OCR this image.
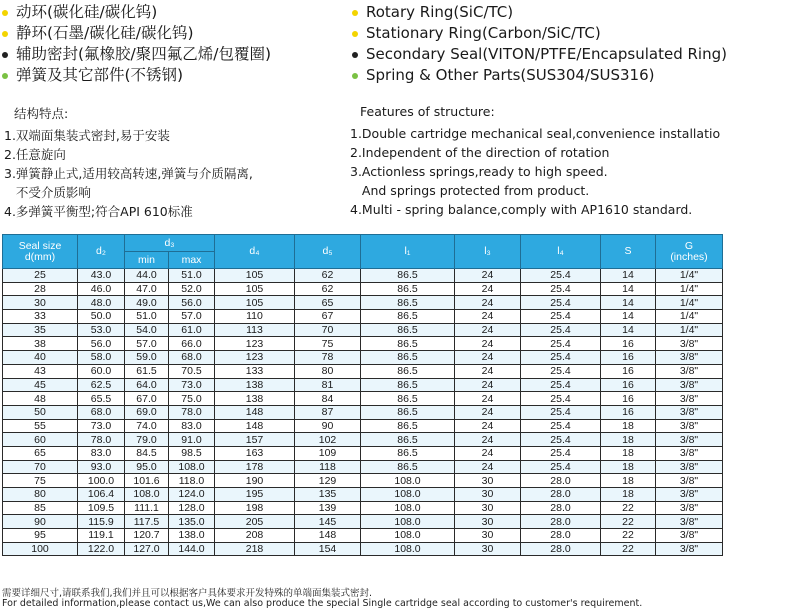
动环(碳化硅/碳化钨)
静环(石墨/碳化硅/碳化钨)
辅助密封(氟橡胶/聚四氟乙烯/包覆圈)
弹簧及其它部件(不锈钢)
Rotary Ring(SiC/TC)
Stationary Ring(Carbon/SiC/TC)
Secondary Seal(VITON/PTFE/Encapsulated Ring)
Spring & Other Parts(SUS304/SUS316)
结构特点:
1.双端面集装式密封,易于安装
2.任意旋向
3.弹簧静止式,适用较高转速,弹簧与介质隔离,
不受介质影响
4.多弹簧平衡型;符合API 610标准
Features of structure:
1.Double cartridge mechanical seal,convenience installatio
2.Independent of the direction of rotation
3.Actionless springs,ready to high speed.
And springs protected from product.
4.Multi - spring balance,comply with AP1610 standard.
Seal size
d(mm)	d₂	d₃		d₄	d₅	l₁	l₃	l₄	S	G
(inches)
		min	max							
25	43.0	44.0	51.0	105	62	86.5	24	25.4	14	1/4"
28	46.0	47.0	52.0	105	62	86.5	24	25.4	14	1/4"
30	48.0	49.0	56.0	105	65	86.5	24	25.4	14	1/4"
33	50.0	51.0	57.0	110	67	86.5	24	25.4	14	1/4"
35	53.0	54.0	61.0	113	70	86.5	24	25.4	14	1/4"
38	56.0	57.0	66.0	123	75	86.5	24	25.4	16	3/8"
40	58.0	59.0	68.0	123	78	86.5	24	25.4	16	3/8"
43	60.0	61.5	70.5	133	80	86.5	24	25.4	16	3/8"
45	62.5	64.0	73.0	138	81	86.5	24	25.4	16	3/8"
48	65.5	67.0	75.0	138	84	86.5	24	25.4	16	3/8"
50	68.0	69.0	78.0	148	87	86.5	24	25.4	16	3/8"
55	73.0	74.0	83.0	148	90	86.5	24	25.4	18	3/8"
60	78.0	79.0	91.0	157	102	86.5	24	25.4	18	3/8"
65	83.0	84.5	98.5	163	109	86.5	24	25.4	18	3/8"
70	93.0	95.0	108.0	178	118	86.5	24	25.4	18	3/8"
75	100.0	101.6	118.0	190	129	108.0	30	28.0	18	3/8"
80	106.4	108.0	124.0	195	135	108.0	30	28.0	18	3/8"
85	109.5	111.1	128.0	198	139	108.0	30	28.0	22	3/8"
90	115.9	117.5	135.0	205	145	108.0	30	28.0	22	3/8"
95	119.1	120.7	138.0	208	148	108.0	30	28.0	22	3/8"
100	122.0	127.0	144.0	218	154	108.0	30	28.0	22	3/8"
需要详细尺寸,请联系我们,我们并且可以根据客户具体要求开发特殊的单端面集装式密封.
For detailed information,please contact us,We can also produce the special Single cartridge seal according to customer's requirement.
